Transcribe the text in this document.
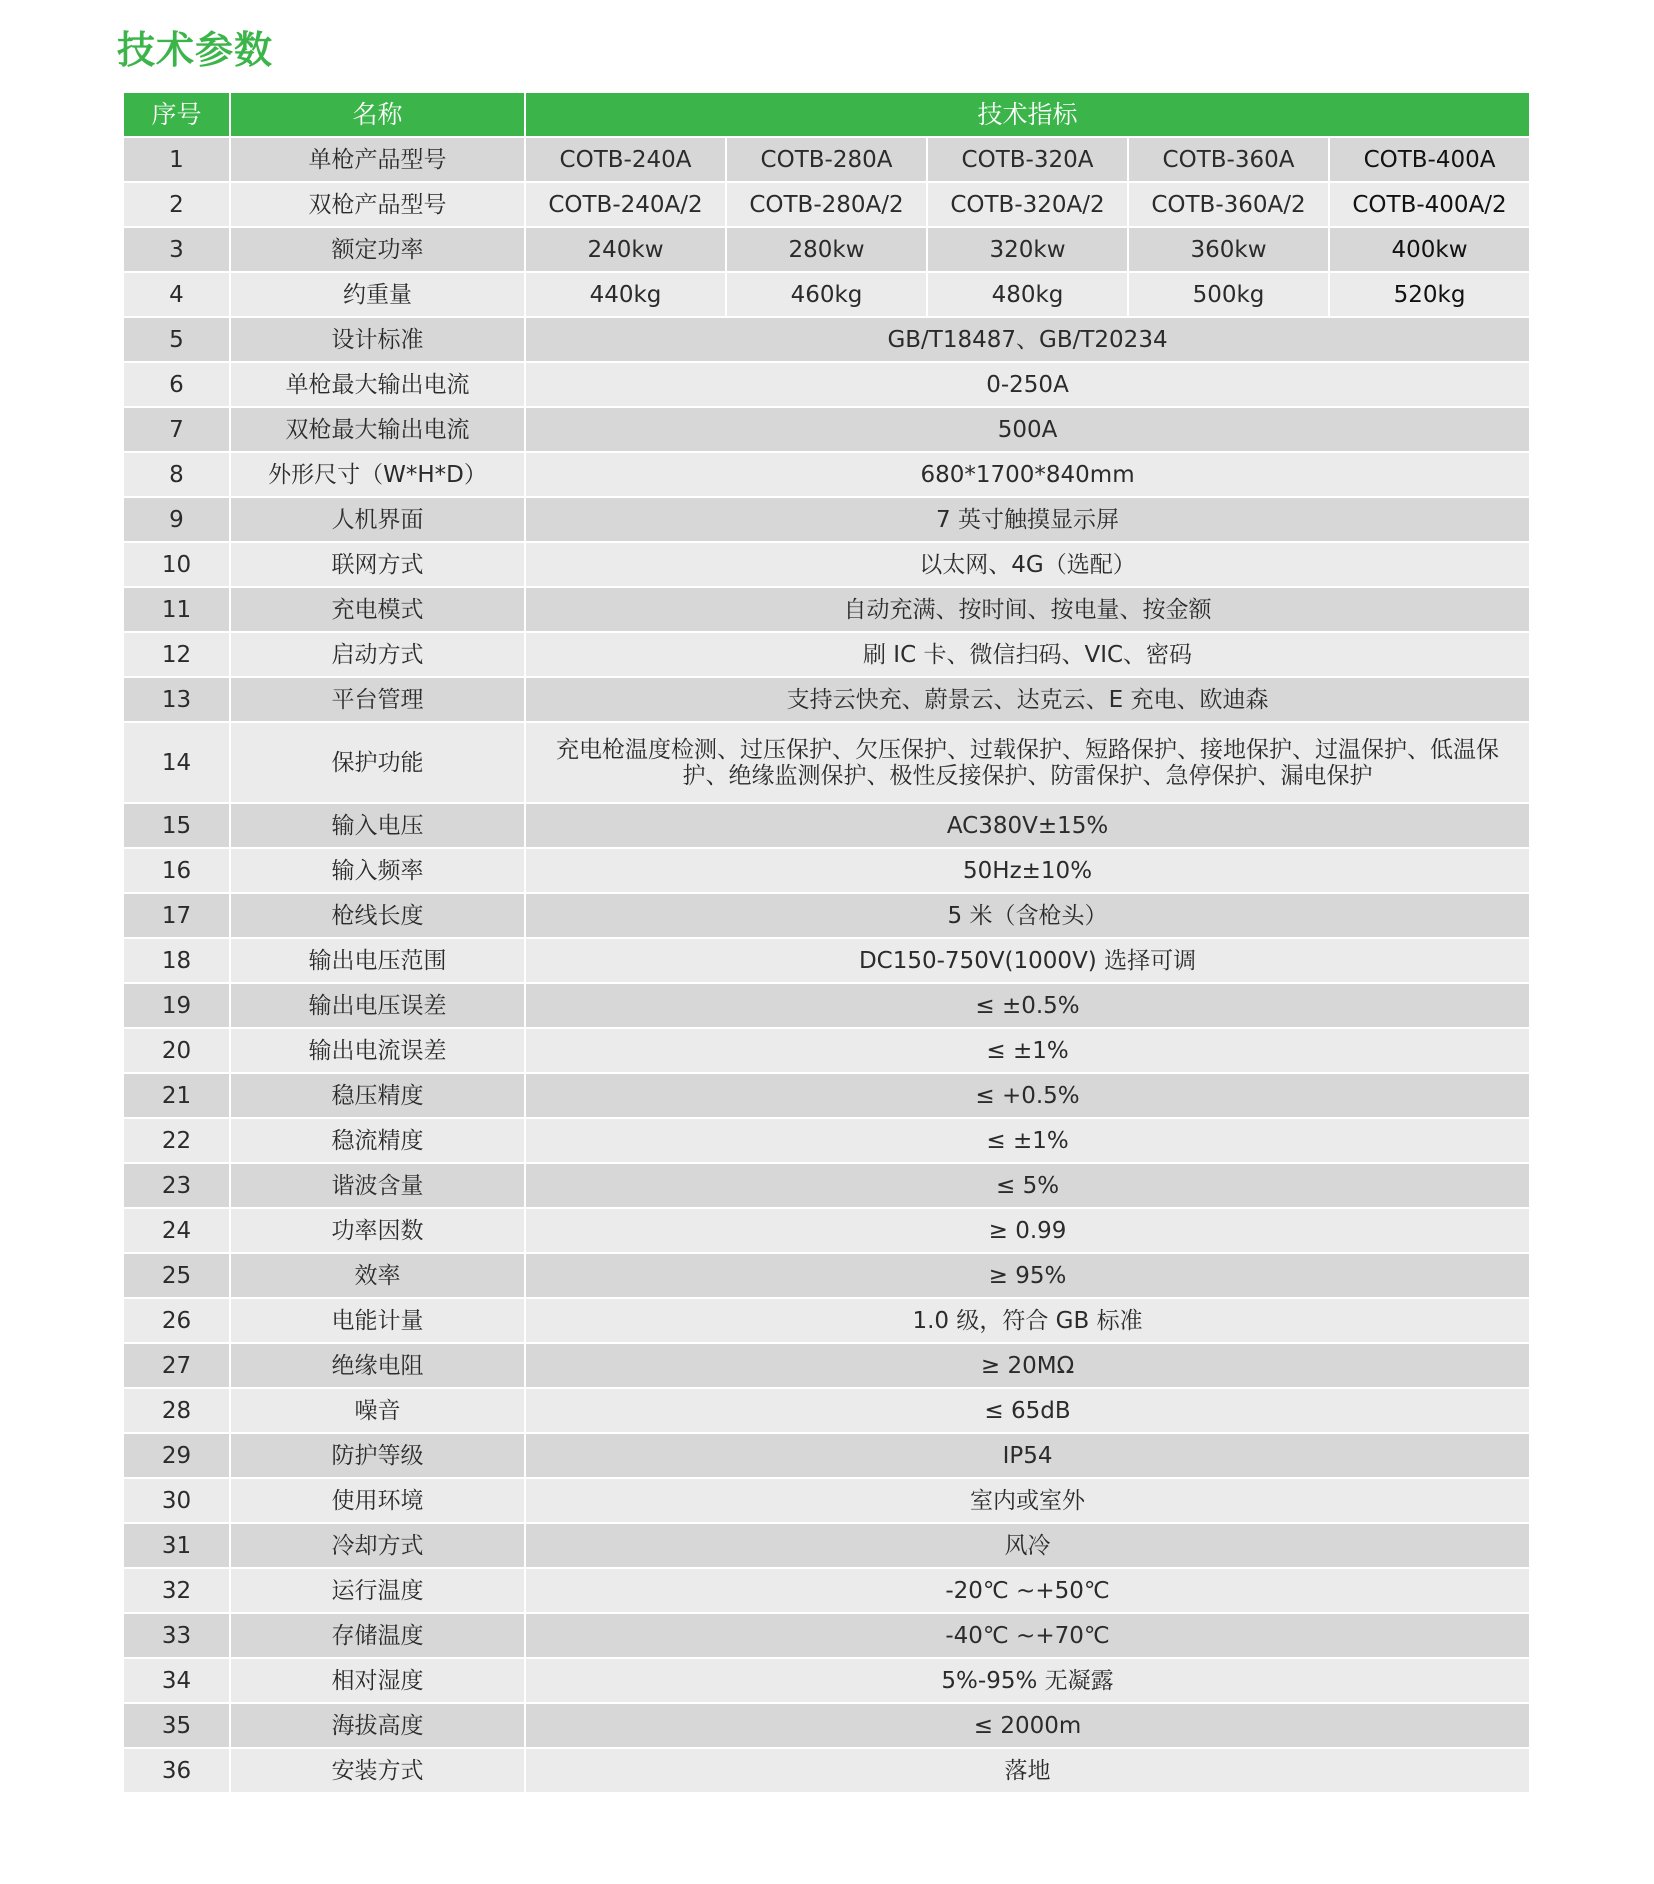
技术参数
序号	名称	技术指标				
1	单枪产品型号	COTB-240A	COTB-280A	COTB-320A	COTB-360A	COTB-400A
2	双枪产品型号	COTB-240A/2	COTB-280A/2	COTB-320A/2	COTB-360A/2	COTB-400A/2
3	额定功率	240kw	280kw	320kw	360kw	400kw
4	约重量	440kg	460kg	480kg	500kg	520kg
5	设计标准	GB/T18487、GB/T20234				
6	单枪最大输出电流	0-250A				
7	双枪最大输出电流	500A				
8	外形尺寸（W*H*D）	680*1700*840mm				
9	人机界面	7 英寸触摸显示屏				
10	联网方式	以太网、4G（选配）				
11	充电模式	自动充满、按时间、按电量、按金额				
12	启动方式	刷 IC 卡、微信扫码、VIC、密码				
13	平台管理	支持云快充、蔚景云、达克云、E 充电、欧迪森				
14	保护功能	充电枪温度检测、过压保护、欠压保护、过载保护、短路保护、接地保护、过温保护、低温保护、绝缘监测保护、极性反接保护、防雷保护、急停保护、漏电保护				
15	输入电压	AC380V±15%				
16	输入频率	50Hz±10%				
17	枪线长度	5 米（含枪头）				
18	输出电压范围	DC150-750V(1000V) 选择可调				
19	输出电压误差	≤ ±0.5%				
20	输出电流误差	≤ ±1%				
21	稳压精度	≤ +0.5%				
22	稳流精度	≤ ±1%				
23	谐波含量	≤ 5%				
24	功率因数	≥ 0.99				
25	效率	≥ 95%				
26	电能计量	1.0 级，符合 GB 标准				
27	绝缘电阻	≥ 20MΩ				
28	噪音	≤ 65dB				
29	防护等级	IP54				
30	使用环境	室内或室外				
31	冷却方式	风冷				
32	运行温度	-20℃ ~+50℃				
33	存储温度	-40℃ ~+70℃				
34	相对湿度	5%-95% 无凝露				
35	海拔高度	≤ 2000m				
36	安装方式	落地				
